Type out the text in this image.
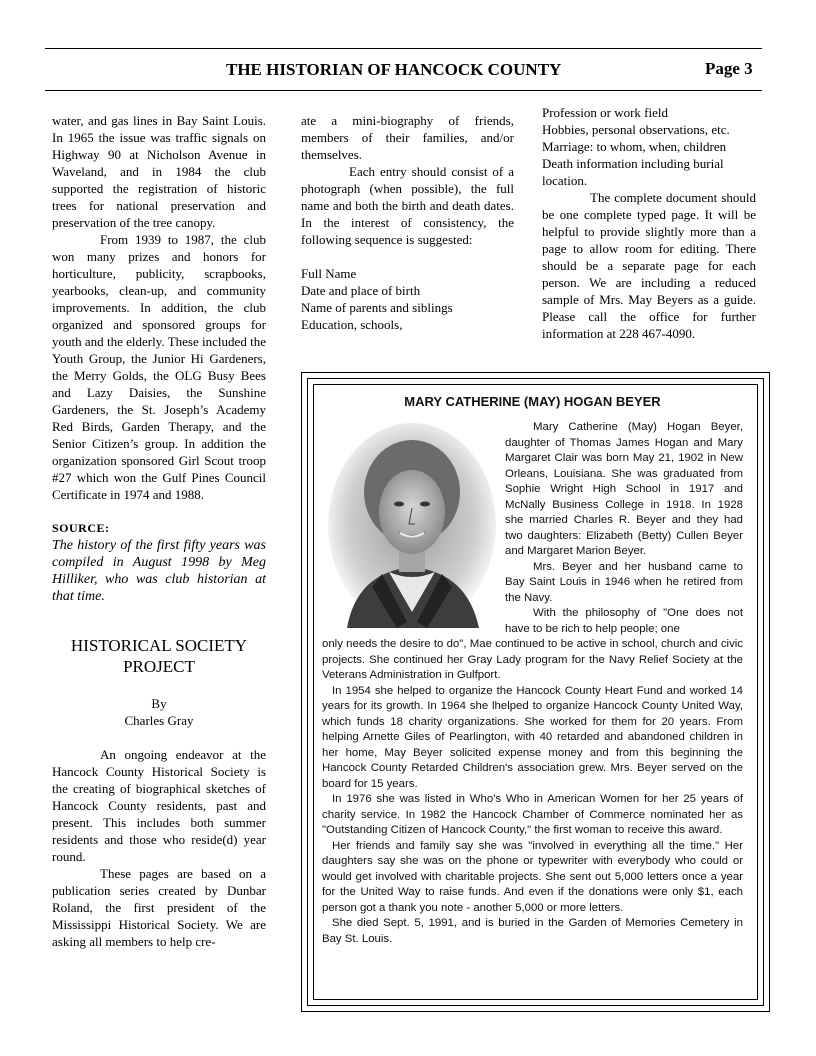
THE HISTORIAN OF HANCOCK COUNTY	Page 3

water, and gas lines in Bay Saint Louis. In 1965 the issue was traffic signals on Highway 90 at Nicholson Avenue in Waveland, and in 1984 the club supported the registration of historic trees for national preservation and preservation of the tree canopy.

From 1939 to 1987, the club won many prizes and honors for horticulture, publicity, scrapbooks, yearbooks, clean-up, and community improvements. In addition, the club organized and sponsored groups for youth and the elderly. These included the Youth Group, the Junior Hi Gardeners, the Merry Golds, the OLG Busy Bees and Lazy Daisies, the Sunshine Gardeners, the St. Joseph’s Academy Red Birds, Garden Therapy, and the Senior Citizen’s group. In addition the organization sponsored Girl Scout troop #27 which won the Gulf Pines Council Certificate in 1974 and 1988.

SOURCE:

The history of the first fifty years was compiled in August 1998 by Meg Hilliker, who was club historian at that time.

HISTORICAL SOCIETY PROJECT

By

Charles Gray

An ongoing endeavor at the Hancock County Historical Society is the creating of biographical sketches of Hancock County residents, past and present. This includes both summer residents and those who reside(d) year round.

These pages are based on a publication series created by Dunbar Roland, the first president of the Mississippi Historical Society. We are asking all members to help cre-

ate a mini-biography of friends, members of their families, and/or themselves.

Each entry should consist of a photograph (when possible), the full name and both the birth and death dates. In the interest of consistency, the following sequence is suggested:

Full Name

Date and place of birth

Name of parents and siblings

Education, schools,

Profession or work field

Hobbies, personal observations, etc.

Marriage: to whom, when, children

Death information including burial location.

The complete document should be one complete typed page. It will be helpful to provide slightly more than a page to allow room for editing. There should be a separate page for each person. We are including a reduced sample of Mrs. May Beyers as a guide. Please call the office for further information at 228 467-4090.

MARY CATHERINE (MAY) HOGAN BEYER

Mary Catherine (May) Hogan Beyer, daughter of Thomas James Hogan and Mary Margaret Clair was born May 21, 1902 in New Orleans, Louisiana. She was graduated from Sophie Wright High School in 1917 and McNally Business College in 1918. In 1928 she married Charles R. Beyer and they had two daughters: Elizabeth (Betty) Cullen Beyer and Margaret Marion Beyer.

Mrs. Beyer and her husband came to Bay Saint Louis in 1946 when he retired from the Navy.

With the philosophy of "One does not have to be rich to help people; one

only needs the desire to do", Mae continued to be active in school, church and civic projects. She continued her Gray Lady program for the Navy Relief Society at the Veterans Administration in Gulfport.

In 1954 she helped to organize the Hancock County Heart Fund and worked 14 years for its growth. In 1964 she lhelped to organize Hancock County United Way, which funds 18 charity organizations. She worked for them for 20 years. From helping Arnette Giles of Pearlington, with 40 retarded and abandoned children in her home, May Beyer solicited expense money and from this beginning the Hancock County Retarded Children's association grew. Mrs. Beyer served on the board for 15 years.

In 1976 she was listed in Who's Who in American Women for her 25 years of charity service. In 1982 the Hancock Chamber of Commerce nominated her as "Outstanding Citizen of Hancock County," the first woman to receive this award.

Her friends and family say she was "involved in everything all the time." Her daughters say she was on the phone or typewriter with everybody who could or would get involved with charitable projects. She sent out 5,000 letters once a year for the United Way to raise funds. And even if the donations were only $1, each person got a thank you note - another 5,000 or more letters.

She died Sept. 5, 1991, and is buried in the Garden of Memories Cemetery in Bay St. Louis.
